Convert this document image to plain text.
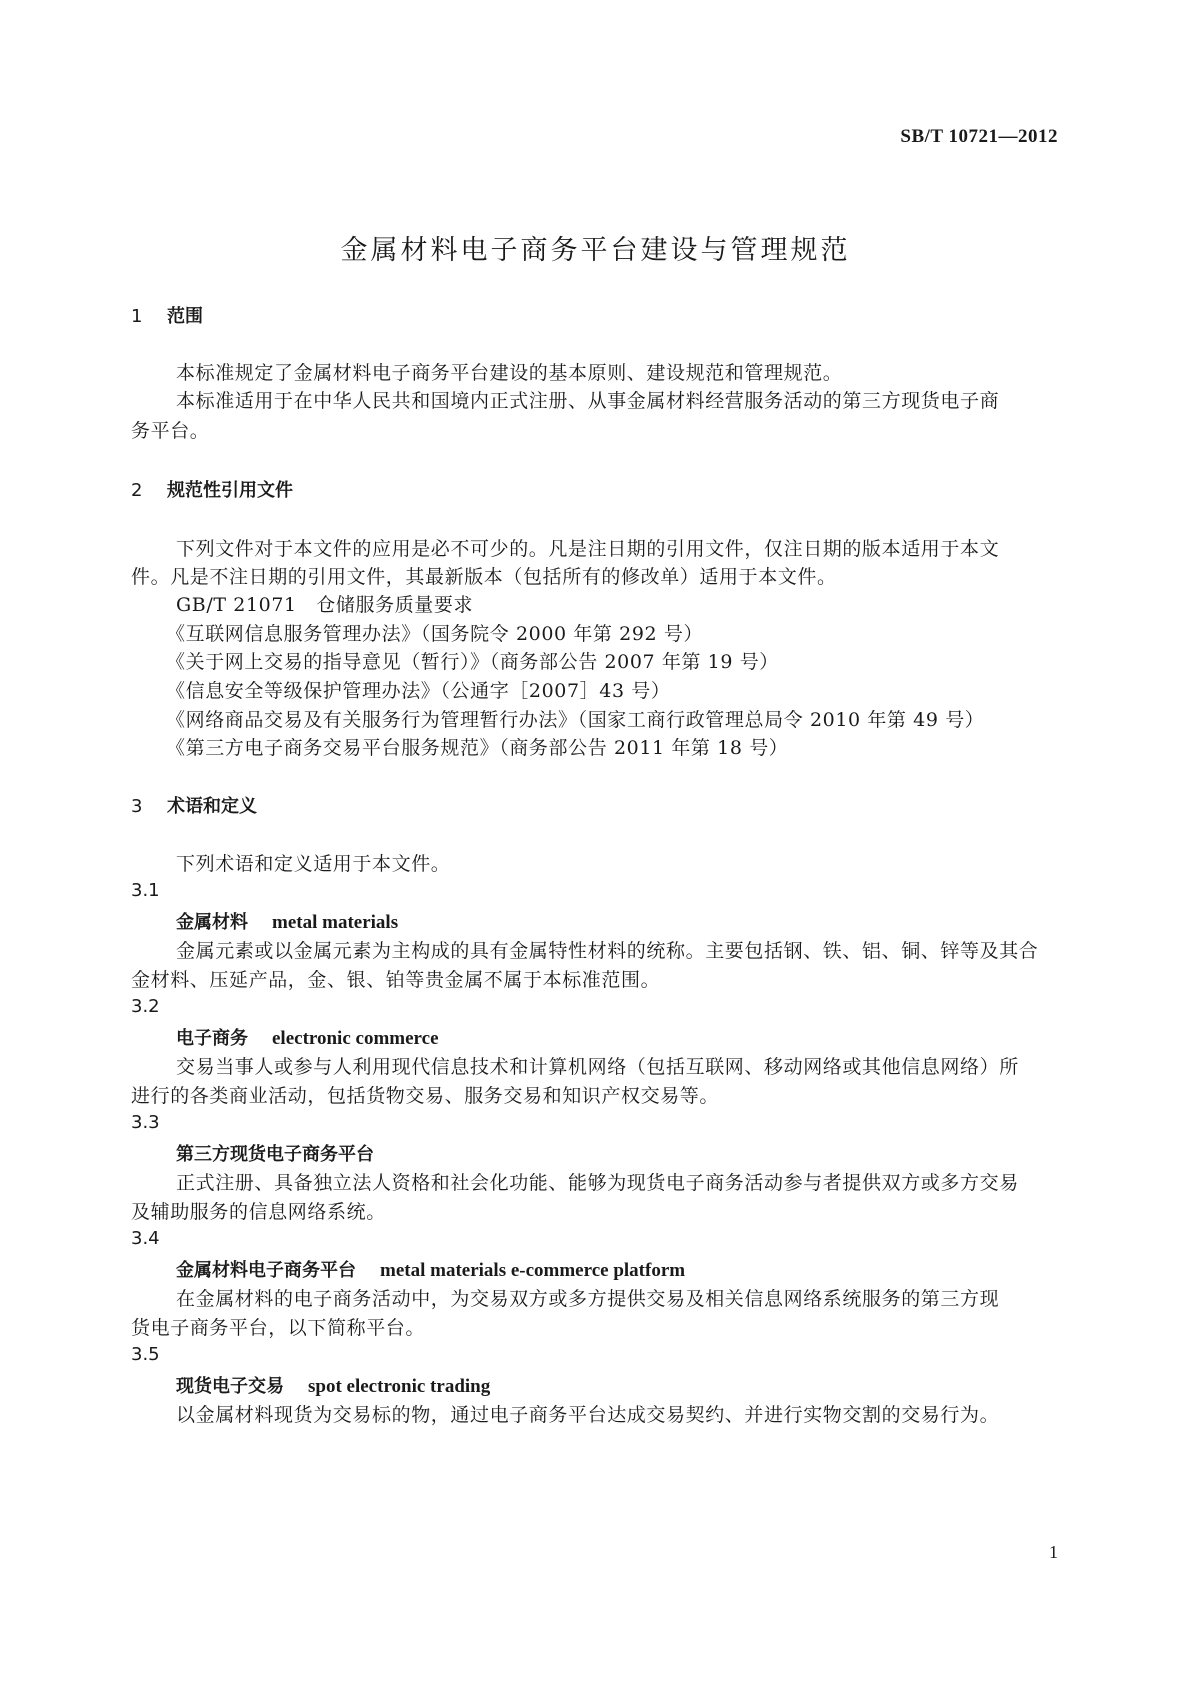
SB/T 10721—2012
金属材料电子商务平台建设与管理规范
1 范围
本标准规定了金属材料电子商务平台建设的基本原则、建设规范和管理规范。
本标准适用于在中华人民共和国境内正式注册、从事金属材料经营服务活动的第三方现货电子商
务平台。
2 规范性引用文件
下列文件对于本文件的应用是必不可少的。凡是注日期的引用文件，仅注日期的版本适用于本文
件。凡是不注日期的引用文件，其最新版本（包括所有的修改单）适用于本文件。
GB/T 21071　仓储服务质量要求
《互联网信息服务管理办法》（国务院令 2000 年第 292 号）
《关于网上交易的指导意见（暂行）》（商务部公告 2007 年第 19 号）
《信息安全等级保护管理办法》（公通字［2007］43 号）
《网络商品交易及有关服务行为管理暂行办法》（国家工商行政管理总局令 2010 年第 49 号）
《第三方电子商务交易平台服务规范》（商务部公告 2011 年第 18 号）
3 术语和定义
下列术语和定义适用于本文件。
3.1
金属材料 metal materials
金属元素或以金属元素为主构成的具有金属特性材料的统称。主要包括钢、铁、铝、铜、锌等及其合
金材料、压延产品，金、银、铂等贵金属不属于本标准范围。
3.2
电子商务 electronic commerce
交易当事人或参与人利用现代信息技术和计算机网络（包括互联网、移动网络或其他信息网络）所
进行的各类商业活动，包括货物交易、服务交易和知识产权交易等。
3.3
第三方现货电子商务平台
正式注册、具备独立法人资格和社会化功能、能够为现货电子商务活动参与者提供双方或多方交易
及辅助服务的信息网络系统。
3.4
金属材料电子商务平台 metal materials e-commerce platform
在金属材料的电子商务活动中，为交易双方或多方提供交易及相关信息网络系统服务的第三方现
货电子商务平台，以下简称平台。
3.5
现货电子交易 spot electronic trading
以金属材料现货为交易标的物，通过电子商务平台达成交易契约、并进行实物交割的交易行为。
1
